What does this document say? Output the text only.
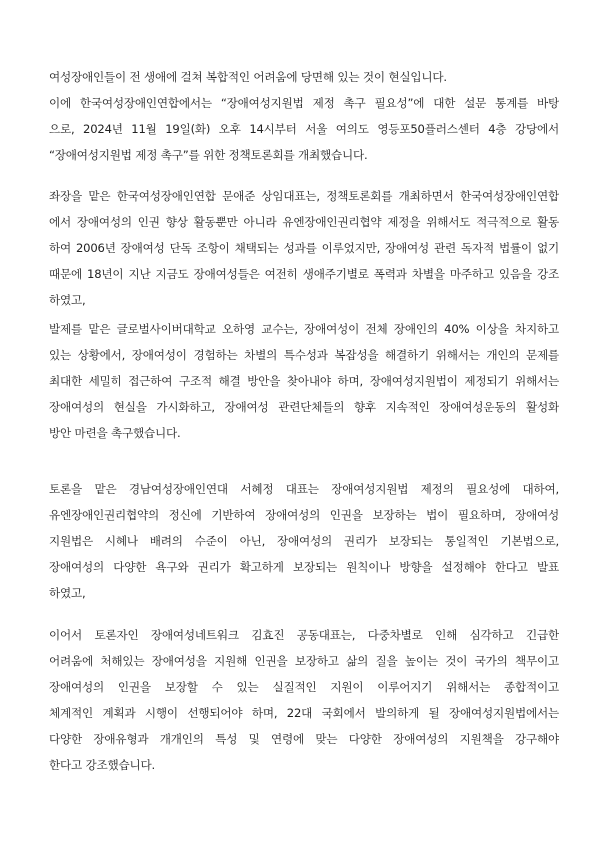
여성장애인들이 전 생애에 걸쳐 복합적인 어려움에 당면해 있는 것이 현실입니다.
이에 한국여성장애인연합에서는 “장애여성지원법 제정 촉구 필요성”에 대한 설문 통계를 바탕
으로, 2024년 11월 19일(화) 오후 14시부터 서울 여의도 영등포50플러스센터 4층 강당에서
“장애여성지원법 제정 촉구”를 위한 정책토론회를 개최했습니다.
좌장을 맡은 한국여성장애인연합 문애준 상임대표는, 정책토론회를 개최하면서 한국여성장애인연합
에서 장애여성의 인권 향상 활동뿐만 아니라 유엔장애인권리협약 제정을 위해서도 적극적으로 활동
하여 2006년 장애여성 단독 조항이 채택되는 성과를 이루었지만, 장애여성 관련 독자적 법률이 없기
때문에 18년이 지난 지금도 장애여성들은 여전히 생애주기별로 폭력과 차별을 마주하고 있음을 강조
하였고,
발제를 맡은 글로벌사이버대학교 오하영 교수는, 장애여성이 전체 장애인의 40% 이상을 차지하고
있는 상황에서, 장애여성이 경험하는 차별의 특수성과 복잡성을 해결하기 위해서는 개인의 문제를
최대한 세밀히 접근하여 구조적 해결 방안을 찾아내야 하며, 장애여성지원법이 제정되기 위해서는
장애여성의 현실을 가시화하고, 장애여성 관련단체들의 향후 지속적인 장애여성운동의 활성화
방안 마련을 촉구했습니다.
토론을 맡은 경남여성장애인연대 서혜정 대표는 장애여성지원법 제정의 필요성에 대하여,
유엔장애인권리협약의 정신에 기반하여 장애여성의 인권을 보장하는 법이 필요하며, 장애여성
지원법은 시혜나 배려의 수준이 아닌, 장애여성의 권리가 보장되는 통일적인 기본법으로,
장애여성의 다양한 욕구와 권리가 확고하게 보장되는 원칙이나 방향을 설정해야 한다고 발표
하였고,
이어서 토론자인 장애여성네트워크 김효진 공동대표는, 다중차별로 인해 심각하고 긴급한
어려움에 처해있는 장애여성을 지원해 인권을 보장하고 삶의 질을 높이는 것이 국가의 책무이고
장애여성의 인권을 보장할 수 있는 실질적인 지원이 이루어지기 위해서는 종합적이고
체계적인 계획과 시행이 선행되어야 하며, 22대 국회에서 발의하게 될 장애여성지원법에서는
다양한 장애유형과 개개인의 특성 및 연령에 맞는 다양한 장애여성의 지원책을 강구해야
한다고 강조했습니다.
